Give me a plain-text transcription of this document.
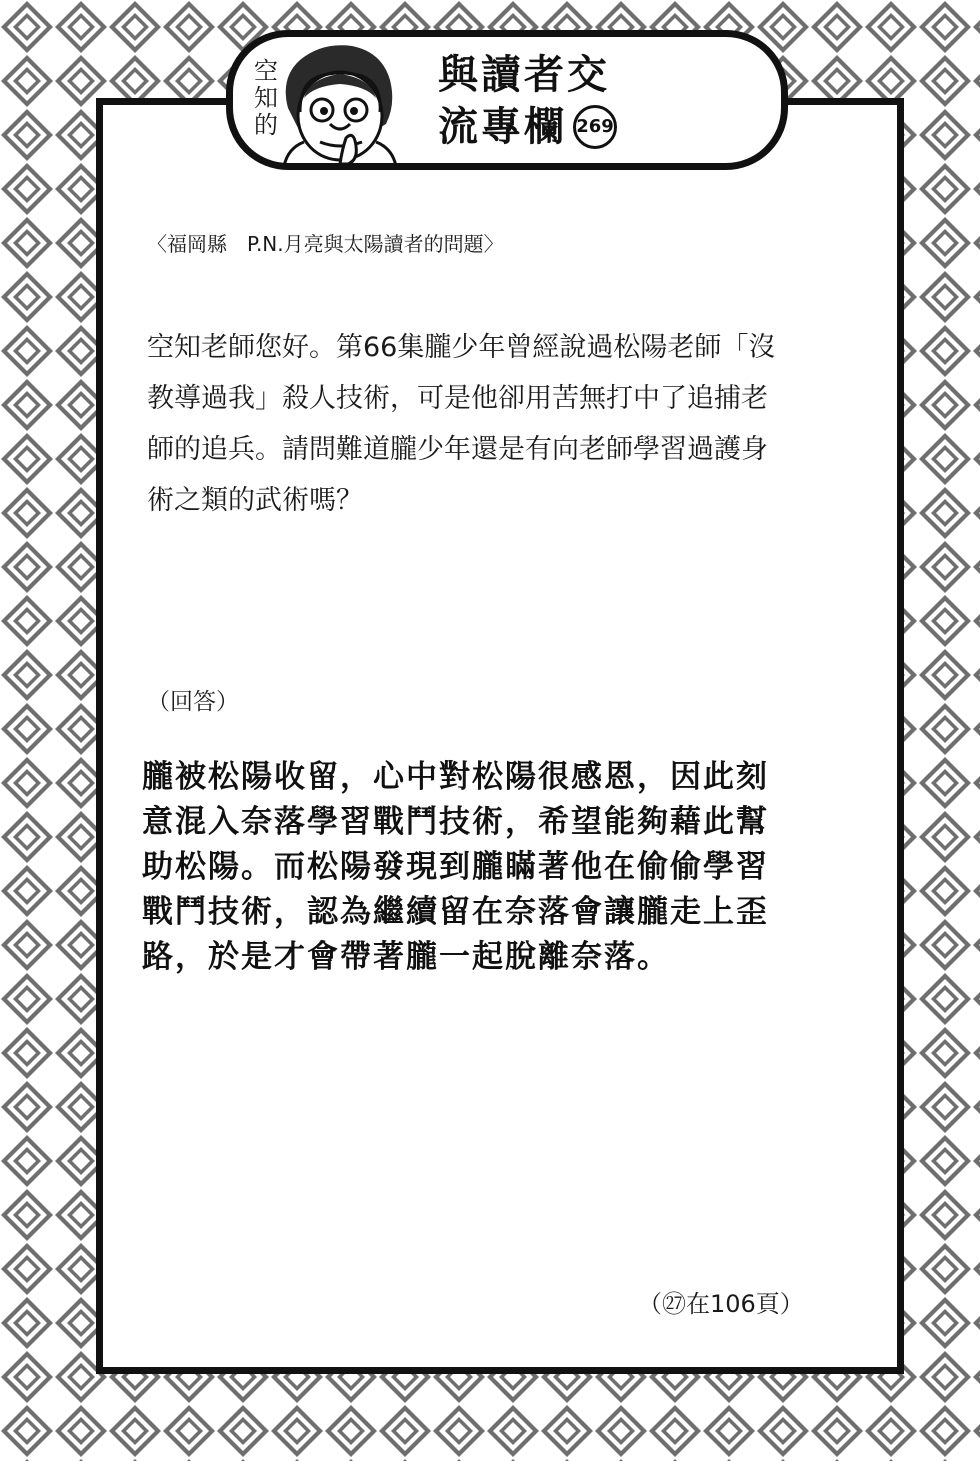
空知的
與讀者交
流專欄 269
〈福岡縣　P.N.月亮與太陽讀者的問題〉

空知老師您好。第66集朧少年曾經說過松陽老師「沒
教導過我」殺人技術，可是他卻用苦無打中了追捕老
師的追兵。請問難道朧少年還是有向老師學習過護身
術之類的武術嗎？

（回答）

朧被松陽收留，心中對松陽很感恩，因此刻
意混入奈落學習戰鬥技術，希望能夠藉此幫
助松陽。而松陽發現到朧瞞著他在偷偷學習
戰鬥技術，認為繼續留在奈落會讓朧走上歪
路，於是才會帶著朧一起脫離奈落。

（㉗在106頁）
